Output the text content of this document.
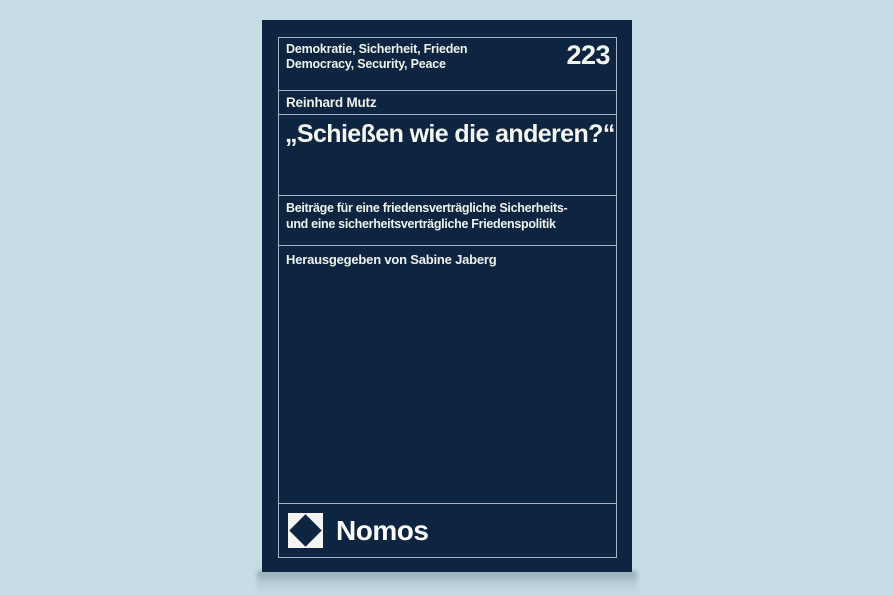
Demokratie, Sicherheit, Frieden
Democracy, Security, Peace	223
Reinhard Mutz
„Schießen wie die anderen?“
Beiträge für eine friedensverträgliche Sicherheits-
und eine sicherheitsverträgliche Friedenspolitik
Herausgegeben von Sabine Jaberg
Nomos
